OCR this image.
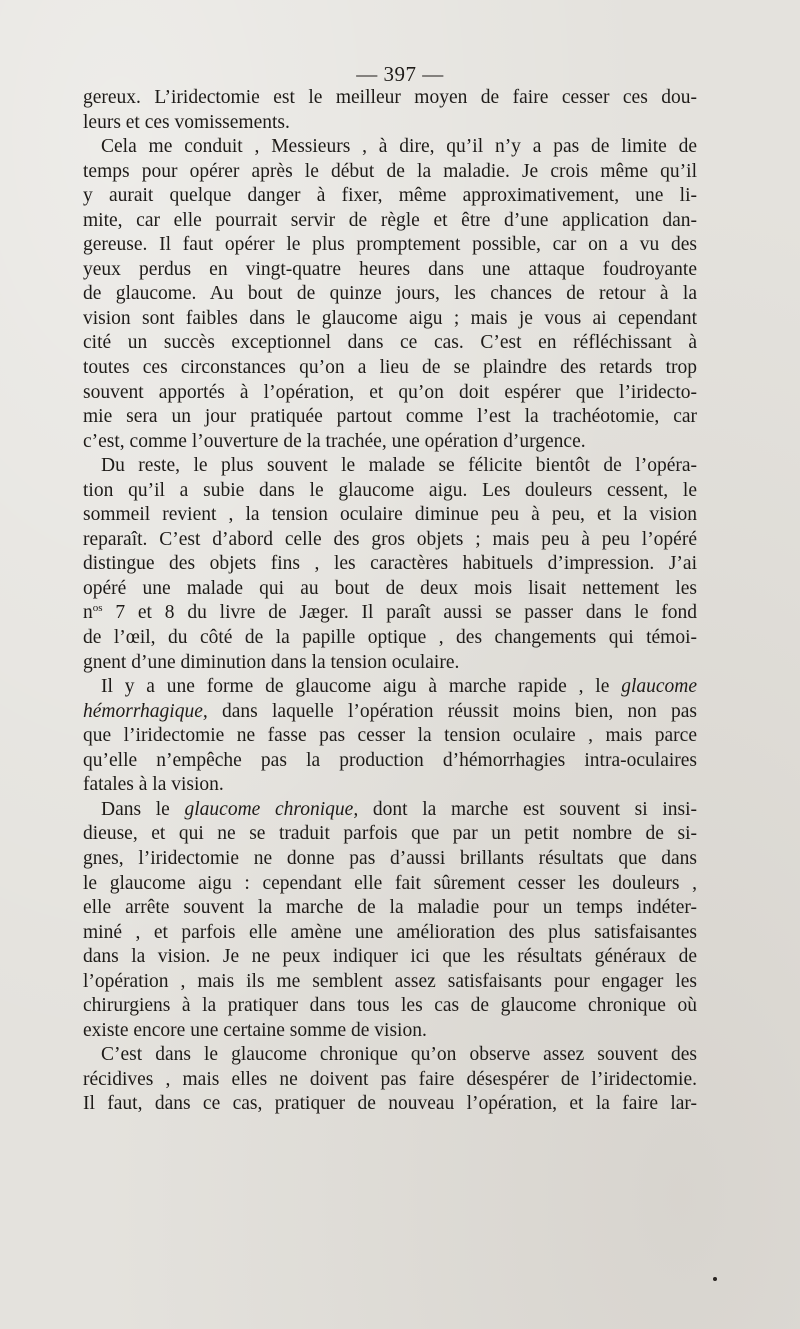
— 397 —
gereux. L’iridectomie est le meilleur moyen de faire cesser ces dou-
leurs et ces vomissements.
Cela me conduit , Messieurs , à dire, qu’il n’y a pas de limite de
temps pour opérer après le début de la maladie. Je crois même qu’il
y aurait quelque danger à fixer, même approximativement, une li-
mite, car elle pourrait servir de règle et être d’une application dan-
gereuse. Il faut opérer le plus promptement possible, car on a vu des
yeux perdus en vingt-quatre heures dans une attaque foudroyante
de glaucome. Au bout de quinze jours, les chances de retour à la
vision sont faibles dans le glaucome aigu ; mais je vous ai cependant
cité un succès exceptionnel dans ce cas. C’est en réfléchissant à
toutes ces circonstances qu’on a lieu de se plaindre des retards trop
souvent apportés à l’opération, et qu’on doit espérer que l’iridecto-
mie sera un jour pratiquée partout comme l’est la trachéotomie, car
c’est, comme l’ouverture de la trachée, une opération d’urgence.
Du reste, le plus souvent le malade se félicite bientôt de l’opéra-
tion qu’il a subie dans le glaucome aigu. Les douleurs cessent, le
sommeil revient , la tension oculaire diminue peu à peu, et la vision
reparaît. C’est d’abord celle des gros objets ; mais peu à peu l’opéré
distingue des objets fins , les caractères habituels d’impression. J’ai
opéré une malade qui au bout de deux mois lisait nettement les
$n^{os}$ 7 et 8 du livre de Jæger. Il paraît aussi se passer dans le fond
de l’œil, du côté de la papille optique , des changements qui témoi-
gnent d’une diminution dans la tension oculaire.
Il y a une forme de glaucome aigu à marche rapide , le glaucome
hémorrhagique, dans laquelle l’opération réussit moins bien, non pas
que l’iridectomie ne fasse pas cesser la tension oculaire , mais parce
qu’elle n’empêche pas la production d’hémorrhagies intra-oculaires
fatales à la vision.
Dans le glaucome chronique, dont la marche est souvent si insi-
dieuse, et qui ne se traduit parfois que par un petit nombre de si-
gnes, l’iridectomie ne donne pas d’aussi brillants résultats que dans
le glaucome aigu : cependant elle fait sûrement cesser les douleurs ,
elle arrête souvent la marche de la maladie pour un temps indéter-
miné , et parfois elle amène une amélioration des plus satisfaisantes
dans la vision. Je ne peux indiquer ici que les résultats généraux de
l’opération , mais ils me semblent assez satisfaisants pour engager les
chirurgiens à la pratiquer dans tous les cas de glaucome chronique où
existe encore une certaine somme de vision.
C’est dans le glaucome chronique qu’on observe assez souvent des
récidives , mais elles ne doivent pas faire désespérer de l’iridectomie.
Il faut, dans ce cas, pratiquer de nouveau l’opération, et la faire lar-
